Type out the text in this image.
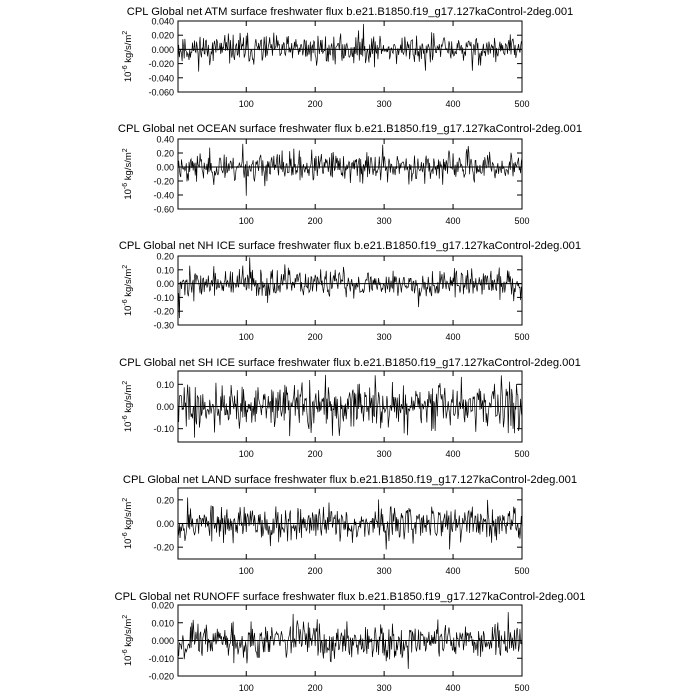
CPL Global net ATM surface freshwater flux b.e21.B1850.f19_g17.127kaControl-2deg.001
0.040
0.020
0.000
-0.020
-0.040
-0.060
100	200	300	400	500
$10^{-6}$ $kg/s/m^2$
CPL Global net OCEAN surface freshwater flux b.e21.B1850.f19_g17.127kaControl-2deg.001
0.40
0.20
0.00
-0.20
-0.40
-0.60
100	200	300	400	500
$10^{-6}$ $kg/s/m^2$
CPL Global net NH ICE surface freshwater flux b.e21.B1850.f19_g17.127kaControl-2deg.001
0.20
0.10
0.00
-0.10
-0.20
-0.30
100	200	300	400	500
$10^{-6}$ $kg/s/m^2$
CPL Global net SH ICE surface freshwater flux b.e21.B1850.f19_g17.127kaControl-2deg.001
0.10
0.00
-0.10
100	200	300	400	500
$10^{-6}$ $kg/s/m^2$
CPL Global net LAND surface freshwater flux b.e21.B1850.f19_g17.127kaControl-2deg.001
0.20
0.00
-0.20
100	200	300	400	500
$10^{-6}$ $kg/s/m^2$
CPL Global net RUNOFF surface freshwater flux b.e21.B1850.f19_g17.127kaControl-2deg.001
0.020
0.010
0.000
-0.010
-0.020
100	200	300	400	500
$10^{-6}$ $kg/s/m^2$
